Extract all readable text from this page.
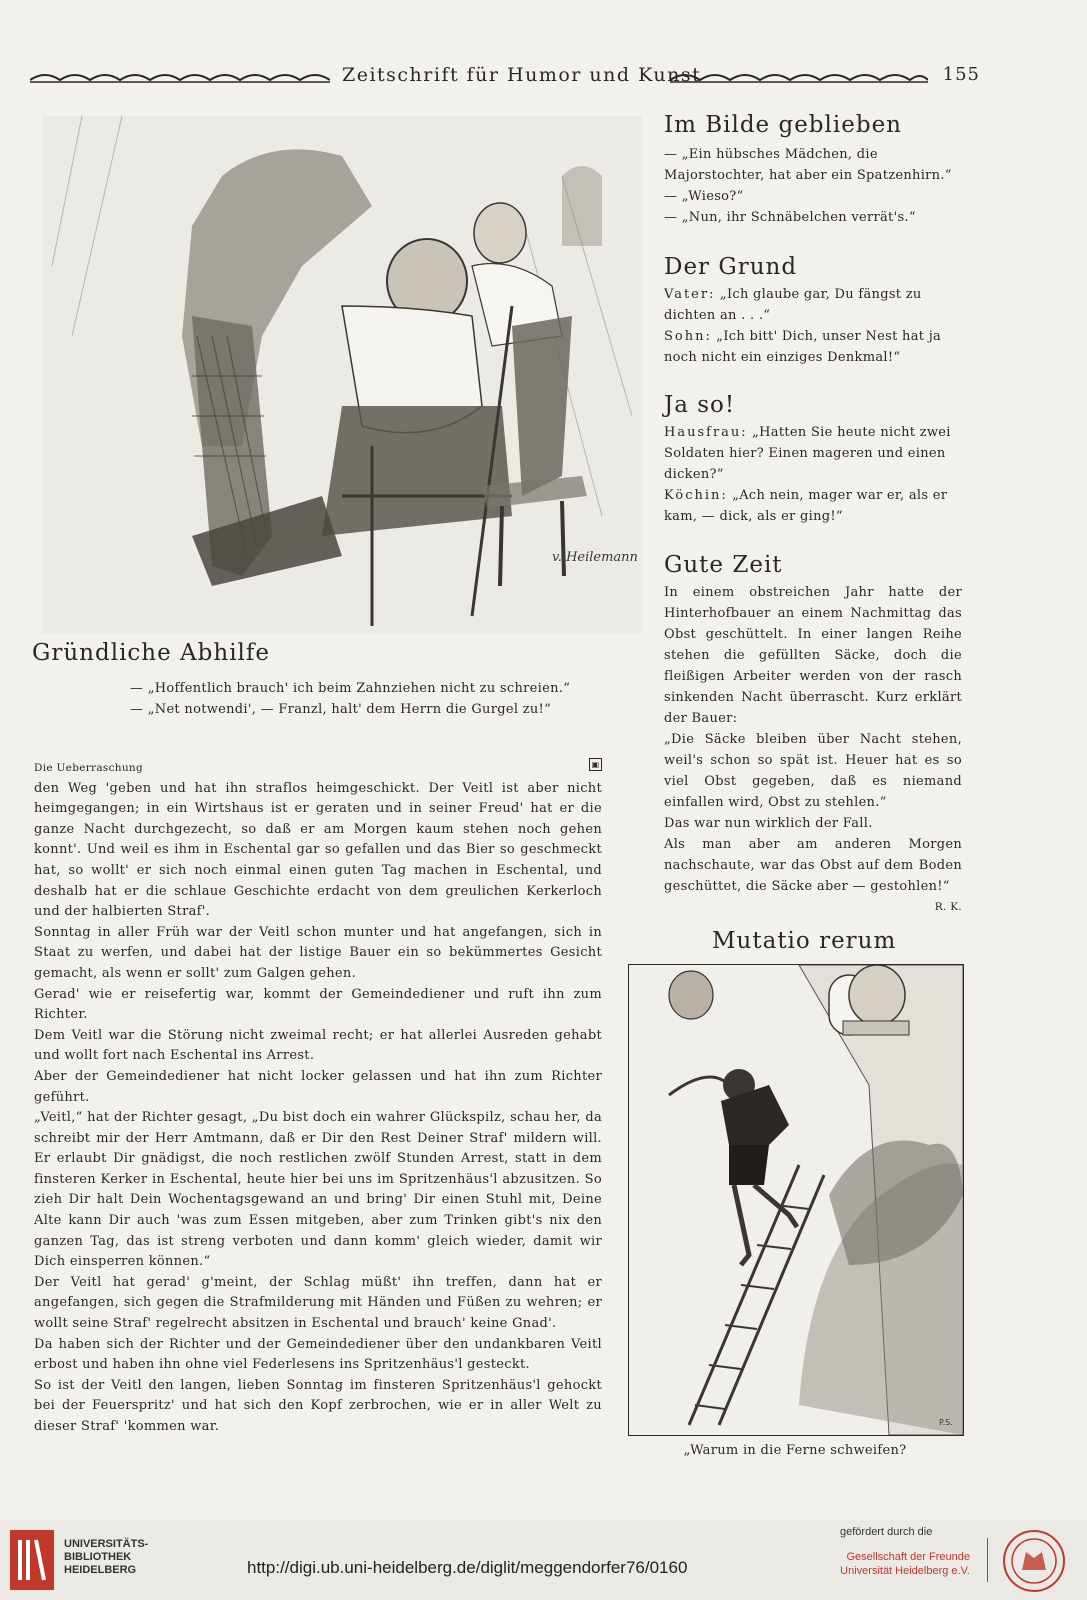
Zeitschrift für Humor und Kunst	155
v. Heilemann
Gründliche Abhilfe

— „Hoffentlich brauch' ich beim Zahnziehen nicht zu schreien.“

— „Net notwendi', — Franzl, halt' dem Herrn die Gurgel zu!“

Die Ueberraschung	▣

den Weg 'geben und hat ihn straflos heimgeschickt. Der Veitl ist aber nicht heimgegangen; in ein Wirtshaus ist er geraten und in seiner Freud' hat er die ganze Nacht durchgezecht, so daß er am Morgen kaum stehen noch gehen konnt'. Und weil es ihm in Eschental gar so gefallen und das Bier so geschmeckt hat, so wollt' er sich noch einmal einen guten Tag machen in Eschental, und deshalb hat er die schlaue Geschichte erdacht von dem greulichen Kerkerloch und der halbierten Straf'.

Sonntag in aller Früh war der Veitl schon munter und hat angefangen, sich in Staat zu werfen, und dabei hat der listige Bauer ein so bekümmertes Gesicht gemacht, als wenn er sollt' zum Galgen gehen.

Gerad' wie er reisefertig war, kommt der Gemeindediener und ruft ihn zum Richter.

Dem Veitl war die Störung nicht zweimal recht; er hat allerlei Ausreden gehabt und wollt fort nach Eschental ins Arrest.

Aber der Gemeindediener hat nicht locker gelassen und hat ihn zum Richter geführt.

„Veitl,“ hat der Richter gesagt, „Du bist doch ein wahrer Glückspilz, schau her, da schreibt mir der Herr Amtmann, daß er Dir den Rest Deiner Straf' mildern will. Er erlaubt Dir gnädigst, die noch restlichen zwölf Stunden Arrest, statt in dem finsteren Kerker in Eschental, heute hier bei uns im Spritzenhäus'l abzusitzen. So zieh Dir halt Dein Wochentagsgewand an und bring' Dir einen Stuhl mit, Deine Alte kann Dir auch 'was zum Essen mitgeben, aber zum Trinken gibt's nix den ganzen Tag, das ist streng verboten und dann komm' gleich wieder, damit wir Dich einsperren können.“

Der Veitl hat gerad' g'meint, der Schlag müßt' ihn treffen, dann hat er angefangen, sich gegen die Strafmilderung mit Händen und Füßen zu wehren; er wollt seine Straf' regelrecht absitzen in Eschental und brauch' keine Gnad'.

Da haben sich der Richter und der Gemeindediener über den undankbaren Veitl erbost und haben ihn ohne viel Federlesens ins Spritzenhäus'l gesteckt.

So ist der Veitl den langen, lieben Sonntag im finsteren Spritzenhäus'l gehockt bei der Feuerspritz' und hat sich den Kopf zerbrochen, wie er in aller Welt zu dieser Straf' 'kommen war.

Im Bilde geblieben

— „Ein hübsches Mädchen, die Majorstochter, hat aber ein Spatzenhirn.“

— „Wieso?“

— „Nun, ihr Schnäbelchen verrät's.“

Der Grund

Vater: „Ich glaube gar, Du fängst zu dichten an . . .“

Sohn: „Ich bitt' Dich, unser Nest hat ja noch nicht ein einziges Denkmal!“

Ja so!

Hausfrau: „Hatten Sie heute nicht zwei Soldaten hier? Einen mageren und einen dicken?“

Köchin: „Ach nein, mager war er, als er kam, — dick, als er ging!“

Gute Zeit

In einem obstreichen Jahr hatte der Hinterhofbauer an einem Nachmittag das Obst geschüttelt. In einer langen Reihe stehen die gefüllten Säcke, doch die fleißigen Arbeiter werden von der rasch sinkenden Nacht überrascht. Kurz erklärt der Bauer:

„Die Säcke bleiben über Nacht stehen, weil's schon so spät ist. Heuer hat es so viel Obst gegeben, daß es niemand einfallen wird, Obst zu stehlen.“

Das war nun wirklich der Fall.

Als man aber am anderen Morgen nachschaute, war das Obst auf dem Boden geschüttet, die Säcke aber — gestohlen!“

R. K.

Mutatio rerum
P.S.
„Warum in die Ferne schweifen?
UNIVERSITÄTS-
BIBLIOTHEK
HEIDELBERG	http://digi.ub.uni-heidelberg.de/diglit/meggendorfer76/0160
gefördert durch die
Gesellschaft der Freunde
Universität Heidelberg e.V.
